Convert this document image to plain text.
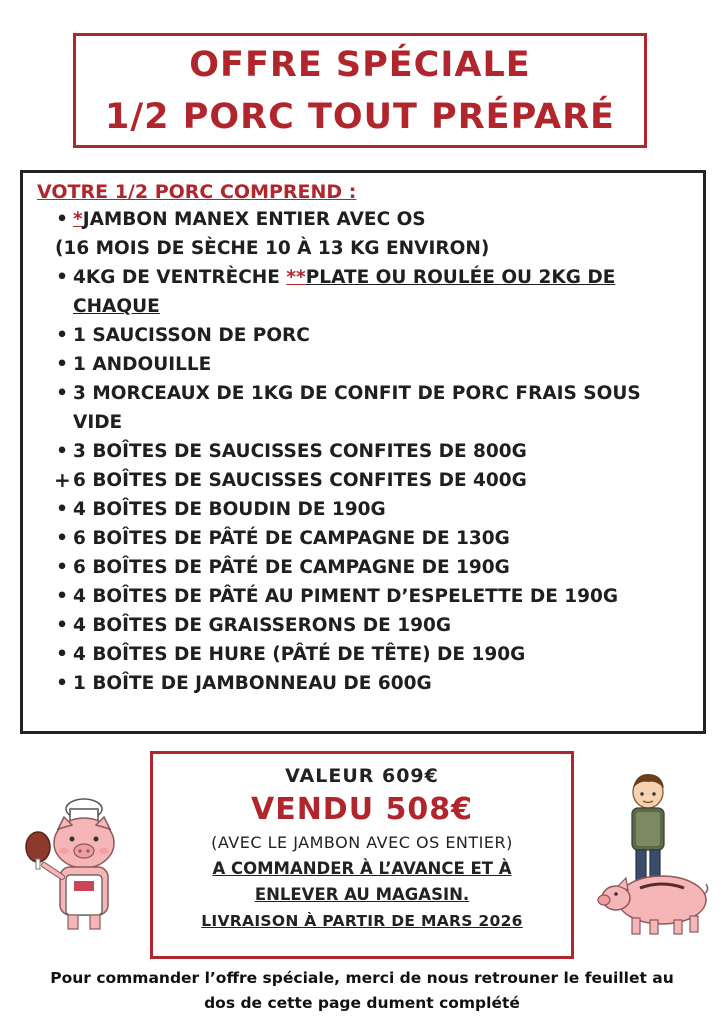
OFFRE SPÉCIALE
1/2 PORC TOUT PRÉPARÉ
VOTRE 1/2 PORC COMPREND :
• *JAMBON MANEX ENTIER AVEC OS
(16 MOIS DE SÈCHE 10 À 13 KG ENVIRON)
• 4KG DE VENTRÈCHE **PLATE OU ROULÉE OU 2KG DE
CHAQUE
• 1 SAUCISSON DE PORC
• 1 ANDOUILLE
• 3 MORCEAUX DE 1KG DE CONFIT DE PORC FRAIS SOUS
VIDE
• 3 BOÎTES DE SAUCISSES CONFITES DE 800G
+ 6 BOÎTES DE SAUCISSES CONFITES DE 400G
• 4 BOÎTES DE BOUDIN DE 190G
• 6 BOÎTES DE PÂTÉ DE CAMPAGNE DE 130G
• 6 BOÎTES DE PÂTÉ DE CAMPAGNE DE 190G
• 4 BOÎTES DE PÂTÉ AU PIMENT D’ESPELETTE DE 190G
• 4 BOÎTES DE GRAISSERONS DE 190G
• 4 BOÎTES DE HURE (PÂTÉ DE TÊTE) DE 190G
• 1 BOÎTE DE JAMBONNEAU DE 600G
VALEUR 609€
VENDU 508€
(AVEC LE JAMBON AVEC OS ENTIER)
A COMMANDER À L’AVANCE ET À
ENLEVER AU MAGASIN.
LIVRAISON À PARTIR DE MARS 2026
Pour commander l’offre spéciale, merci de nous retrouner le feuillet au
dos de cette page dument complété
